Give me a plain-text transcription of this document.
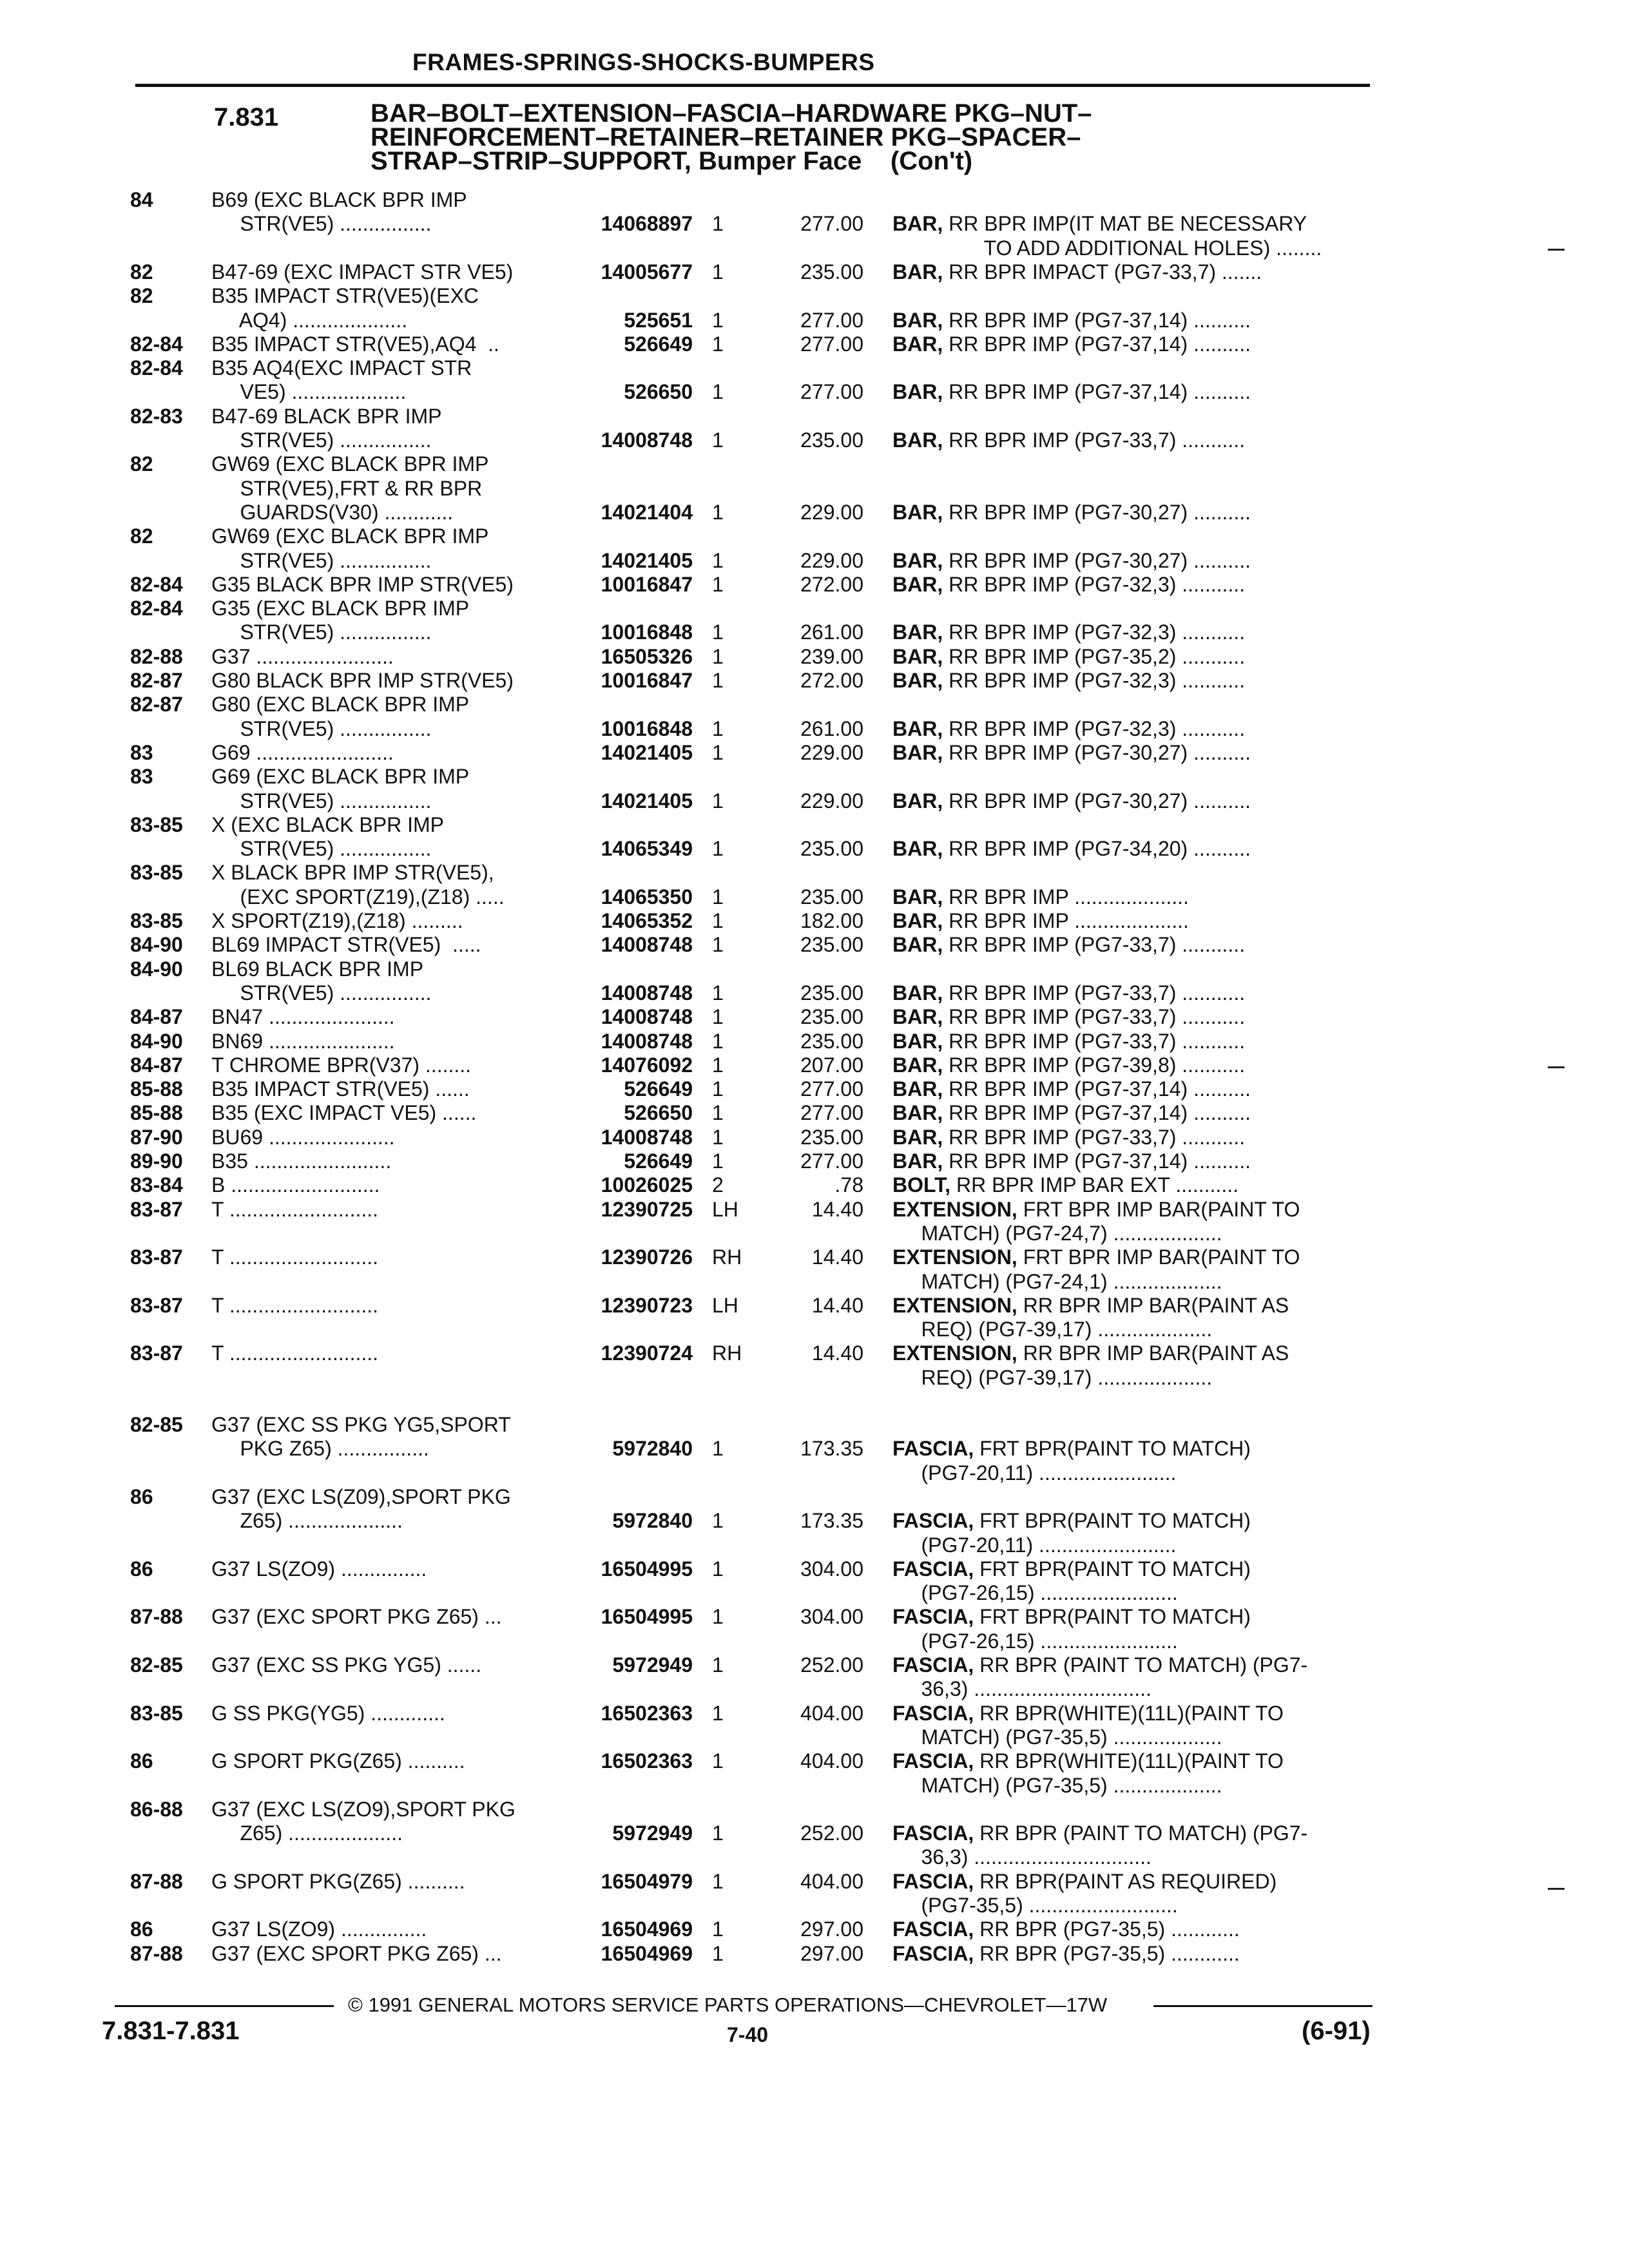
FRAMES-SPRINGS-SHOCKS-BUMPERS
7.831	BAR–BOLT–EXTENSION–FASCIA–HARDWARE PKG–NUT–
REINFORCEMENT–RETAINER–RETAINER PKG–SPACER–
STRAP–STRIP–SUPPORT, Bumper Face    (Con't)
84	B69 (EXC BLACK BPR IMP
STR(VE5) ................	14068897 1	277.00 BAR, RR BPR IMP(IT MAT BE NECESSARY
TO ADD ADDITIONAL HOLES) ........
82	B47-69 (EXC IMPACT STR VE5)	14005677 1	235.00 BAR, RR BPR IMPACT (PG7-33,7) .......
82	B35 IMPACT STR(VE5)(EXC
AQ4) ....................	525651 1	277.00 BAR, RR BPR IMP (PG7-37,14) ..........
82-84 B35 IMPACT STR(VE5),AQ4  ..	526649 1	277.00 BAR, RR BPR IMP (PG7-37,14) ..........
82-84 B35 AQ4(EXC IMPACT STR
VE5) ....................	526650 1	277.00 BAR, RR BPR IMP (PG7-37,14) ..........
82-83 B47-69 BLACK BPR IMP
STR(VE5) ................	14008748 1	235.00 BAR, RR BPR IMP (PG7-33,7) ...........
82	GW69 (EXC BLACK BPR IMP
STR(VE5),FRT & RR BPR
GUARDS(V30) ............	14021404 1	229.00 BAR, RR BPR IMP (PG7-30,27) ..........
82	GW69 (EXC BLACK BPR IMP
STR(VE5) ................	14021405 1	229.00 BAR, RR BPR IMP (PG7-30,27) ..........
82-84 G35 BLACK BPR IMP STR(VE5)	10016847 1	272.00 BAR, RR BPR IMP (PG7-32,3) ...........
82-84 G35 (EXC BLACK BPR IMP
STR(VE5) ................	10016848 1	261.00 BAR, RR BPR IMP (PG7-32,3) ...........
82-88 G37 ........................	16505326 1	239.00 BAR, RR BPR IMP (PG7-35,2) ...........
82-87 G80 BLACK BPR IMP STR(VE5)	10016847 1	272.00 BAR, RR BPR IMP (PG7-32,3) ...........
82-87 G80 (EXC BLACK BPR IMP
STR(VE5) ................	10016848 1	261.00 BAR, RR BPR IMP (PG7-32,3) ...........
83	G69 ........................	14021405 1	229.00 BAR, RR BPR IMP (PG7-30,27) ..........
83	G69 (EXC BLACK BPR IMP
STR(VE5) ................	14021405 1	229.00 BAR, RR BPR IMP (PG7-30,27) ..........
83-85 X (EXC BLACK BPR IMP
STR(VE5) ................	14065349 1	235.00 BAR, RR BPR IMP (PG7-34,20) ..........
83-85 X BLACK BPR IMP STR(VE5),
(EXC SPORT(Z19),(Z18) .....	14065350 1	235.00 BAR, RR BPR IMP ....................
83-85 X SPORT(Z19),(Z18) .........	14065352 1	182.00 BAR, RR BPR IMP ....................
84-90 BL69 IMPACT STR(VE5)  .....	14008748 1	235.00 BAR, RR BPR IMP (PG7-33,7) ...........
84-90 BL69 BLACK BPR IMP
STR(VE5) ................	14008748 1	235.00 BAR, RR BPR IMP (PG7-33,7) ...........
84-87 BN47 ......................	14008748 1	235.00 BAR, RR BPR IMP (PG7-33,7) ...........
84-90 BN69 ......................	14008748 1	235.00 BAR, RR BPR IMP (PG7-33,7) ...........
84-87 T CHROME BPR(V37) ........	14076092 1	207.00 BAR, RR BPR IMP (PG7-39,8) ...........
85-88 B35 IMPACT STR(VE5) ......	526649 1	277.00 BAR, RR BPR IMP (PG7-37,14) ..........
85-88 B35 (EXC IMPACT VE5) ......	526650 1	277.00 BAR, RR BPR IMP (PG7-37,14) ..........
87-90 BU69 ......................	14008748 1	235.00 BAR, RR BPR IMP (PG7-33,7) ...........
89-90 B35 ........................	526649 1	277.00 BAR, RR BPR IMP (PG7-37,14) ..........
83-84 B ..........................	10026025 2	.78 BOLT, RR BPR IMP BAR EXT ...........
83-87 T ..........................	12390725 LH	14.40 EXTENSION, FRT BPR IMP BAR(PAINT TO
MATCH) (PG7-24,7) ...................
83-87 T ..........................	12390726 RH	14.40 EXTENSION, FRT BPR IMP BAR(PAINT TO
MATCH) (PG7-24,1) ...................
83-87 T ..........................	12390723 LH	14.40 EXTENSION, RR BPR IMP BAR(PAINT AS
REQ) (PG7-39,17) ....................
83-87 T ..........................	12390724 RH	14.40 EXTENSION, RR BPR IMP BAR(PAINT AS
REQ) (PG7-39,17) ....................
82-85 G37 (EXC SS PKG YG5,SPORT
PKG Z65) ................	5972840 1	173.35 FASCIA, FRT BPR(PAINT TO MATCH)
(PG7-20,11) ........................
86	G37 (EXC LS(Z09),SPORT PKG
Z65) ....................	5972840 1	173.35 FASCIA, FRT BPR(PAINT TO MATCH)
(PG7-20,11) ........................
86	G37 LS(ZO9) ...............	16504995 1	304.00 FASCIA, FRT BPR(PAINT TO MATCH)
(PG7-26,15) ........................
87-88 G37 (EXC SPORT PKG Z65) ...	16504995 1	304.00 FASCIA, FRT BPR(PAINT TO MATCH)
(PG7-26,15) ........................
82-85 G37 (EXC SS PKG YG5) ......	5972949 1	252.00 FASCIA, RR BPR (PAINT TO MATCH) (PG7-
36,3) ...............................
83-85 G SS PKG(YG5) .............	16502363 1	404.00 FASCIA, RR BPR(WHITE)(11L)(PAINT TO
MATCH) (PG7-35,5) ...................
86	G SPORT PKG(Z65) ..........	16502363 1	404.00 FASCIA, RR BPR(WHITE)(11L)(PAINT TO
MATCH) (PG7-35,5) ...................
86-88 G37 (EXC LS(ZO9),SPORT PKG
Z65) ....................	5972949 1	252.00 FASCIA, RR BPR (PAINT TO MATCH) (PG7-
36,3) ...............................
87-88 G SPORT PKG(Z65) ..........	16504979 1	404.00 FASCIA, RR BPR(PAINT AS REQUIRED)
(PG7-35,5) ..........................
86	G37 LS(ZO9) ...............	16504969 1	297.00 FASCIA, RR BPR (PG7-35,5) ............
87-88 G37 (EXC SPORT PKG Z65) ...	16504969 1	297.00 FASCIA, RR BPR (PG7-35,5) ............
© 1991 GENERAL MOTORS SERVICE PARTS OPERATIONS—CHEVROLET—17W
7.831-7.831	7-40	(6-91)
